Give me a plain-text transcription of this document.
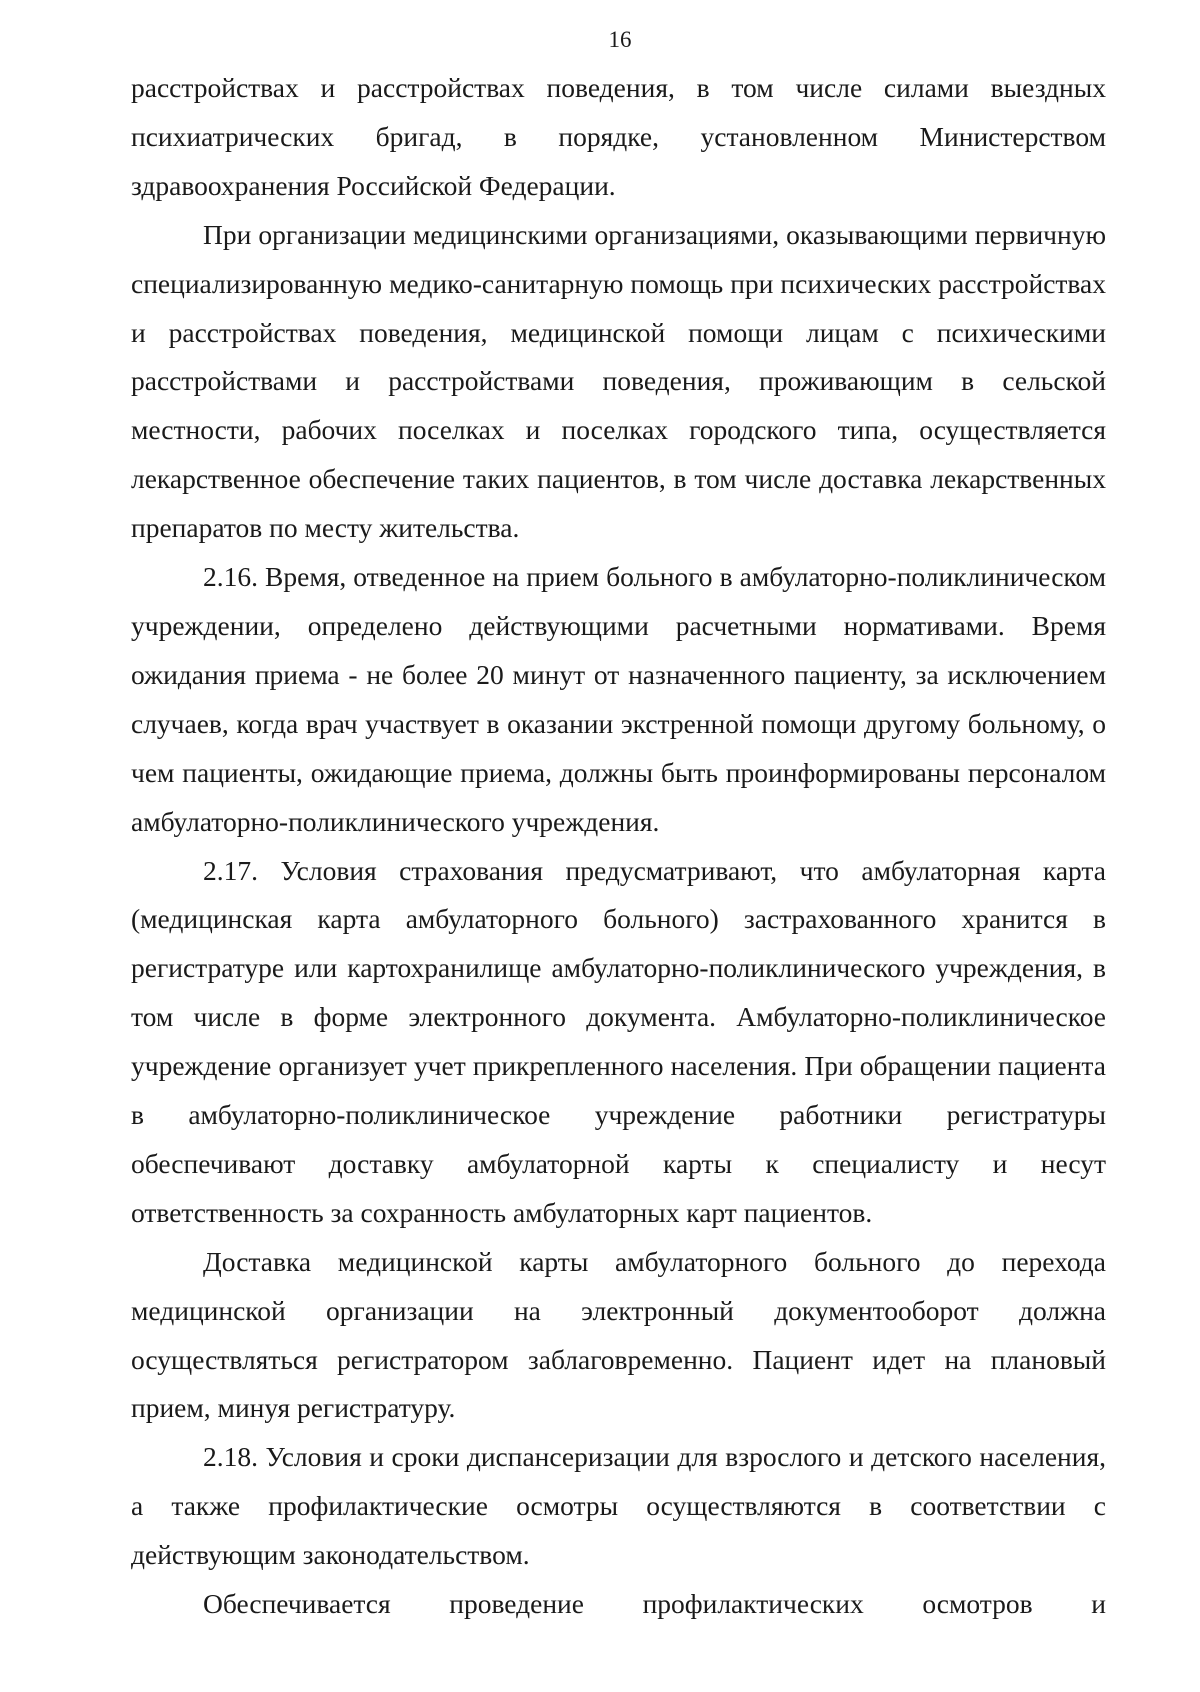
16

расстройствах и расстройствах поведения, в том числе силами выездных психиатрических бригад, в порядке, установленном Министерством здравоохранения Российской Федерации.

При организации медицинскими организациями, оказывающими первичную специализированную медико-санитарную помощь при психических расстройствах и расстройствах поведения, медицинской помощи лицам с психическими расстройствами и расстройствами поведения, проживающим в сельской местности, рабочих поселках и поселках городского типа, осуществляется лекарственное обеспечение таких пациентов, в том числе доставка лекарственных препаратов по месту жительства.

2.16. Время, отведенное на прием больного в амбулаторно-поликлиническом учреждении, определено действующими расчетными нормативами. Время ожидания приема - не более 20 минут от назначенного пациенту, за исключением случаев, когда врач участвует в оказании экстренной помощи другому больному, о чем пациенты, ожидающие приема, должны быть проинформированы персоналом амбулаторно-поликлинического учреждения.

2.17. Условия страхования предусматривают, что амбулаторная карта (медицинская карта амбулаторного больного) застрахованного хранится в регистратуре или картохранилище амбулаторно-поликлинического учреждения, в том числе в форме электронного документа. Амбулаторно-поликлиническое учреждение организует учет прикрепленного населения. При обращении пациента в амбулаторно-поликлиническое учреждение работники регистратуры обеспечивают доставку амбулаторной карты к специалисту и несут ответственность за сохранность амбулаторных карт пациентов.

Доставка медицинской карты амбулаторного больного до перехода медицинской организации на электронный документооборот должна осуществляться регистратором заблаговременно. Пациент идет на плановый прием, минуя регистратуру.

2.18. Условия и сроки диспансеризации для взрослого и детского населения, а также профилактические осмотры осуществляются в соответствии с действующим законодательством.

Обеспечивается проведение профилактических осмотров и
